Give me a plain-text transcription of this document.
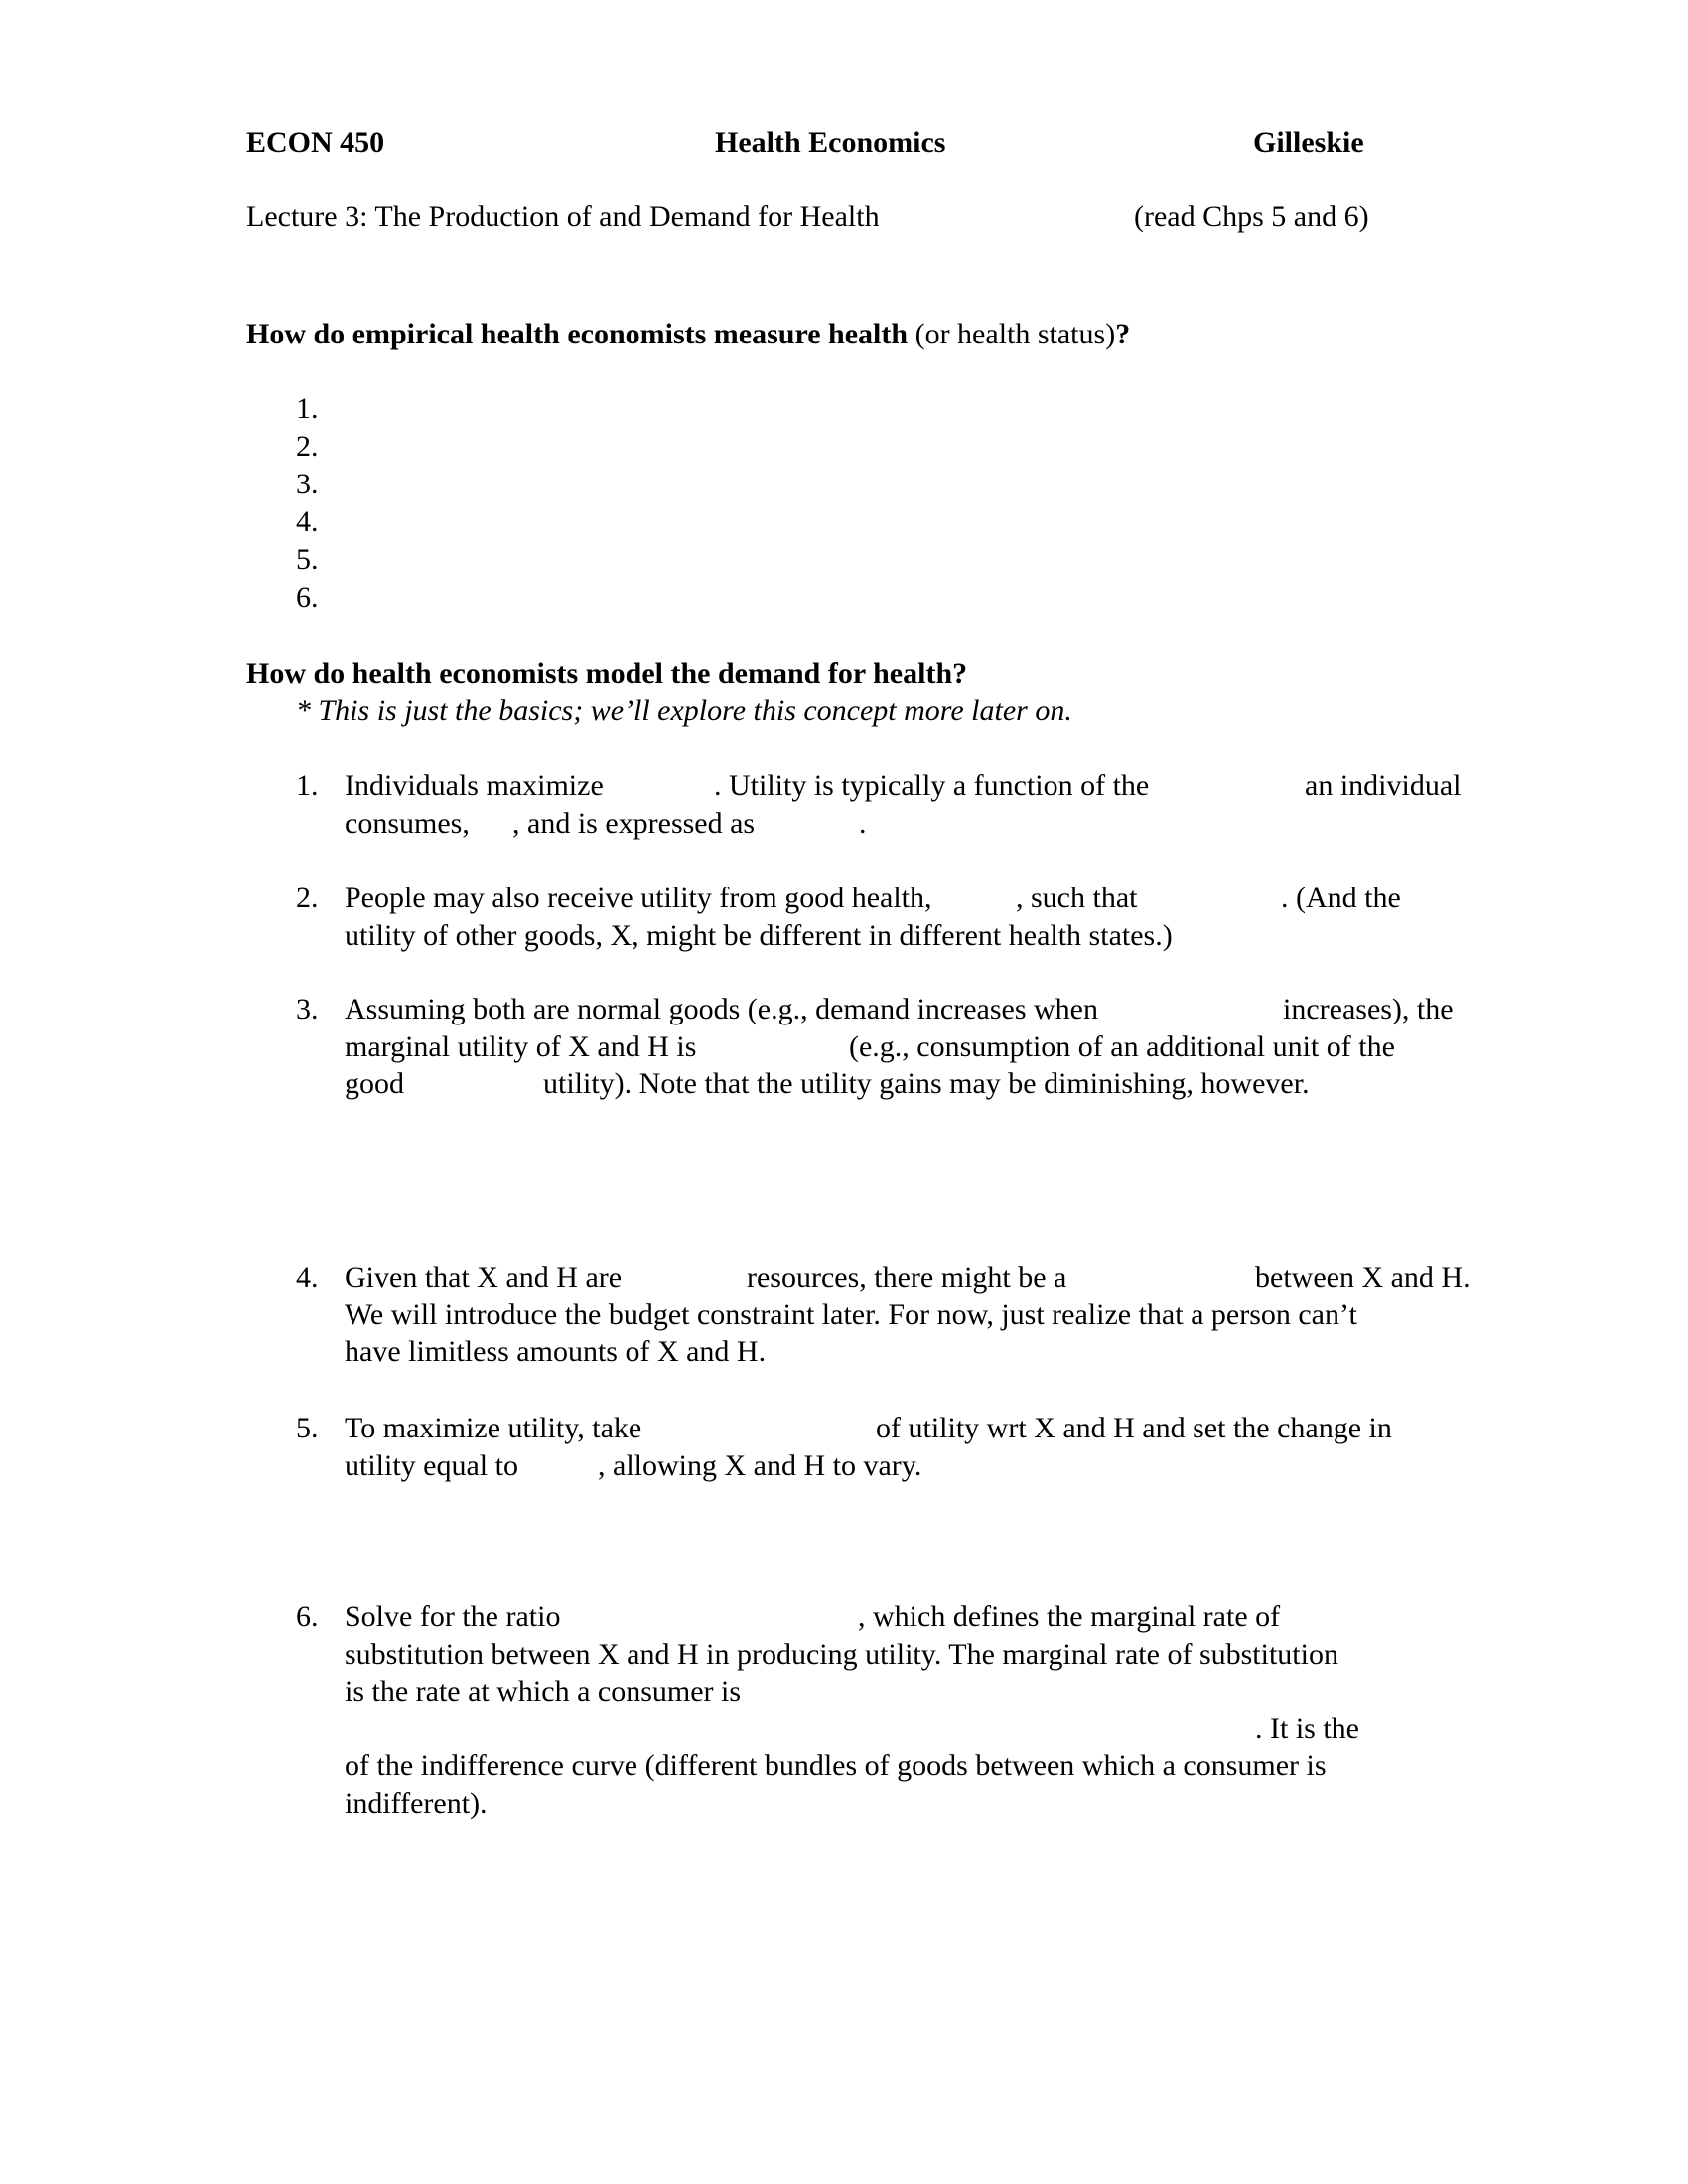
ECON 450	Health Economics	Gilleskie
Lecture 3: The Production of and Demand for Health	(read Chps 5 and 6)
How do empirical health economists measure health (or health status)?
1.
2.
3.
4.
5.
6.
How do health economists model the demand for health?
* This is just the basics; we’ll explore this concept more later on.
1. Individuals maximize	. Utility is typically a function of the	an individual
consumes, , and is expressed as	.
2. People may also receive utility from good health,	, such that	. (And the
utility of other goods, X, might be different in different health states.)
3. Assuming both are normal goods (e.g., demand increases when	increases), the
marginal utility of X and H is	(e.g., consumption of an additional unit of the
good	utility). Note that the utility gains may be diminishing, however.
4. Given that X and H are	resources, there might be a	between X and H.
We will introduce the budget constraint later. For now, just realize that a person can’t
have limitless amounts of X and H.
5. To maximize utility, take	of utility wrt X and H and set the change in
utility equal to	, allowing X and H to vary.
6. Solve for the ratio	, which defines the marginal rate of
substitution between X and H in producing utility. The marginal rate of substitution
is the rate at which a consumer is
. It is the
of the indifference curve (different bundles of goods between which a consumer is
indifferent).
